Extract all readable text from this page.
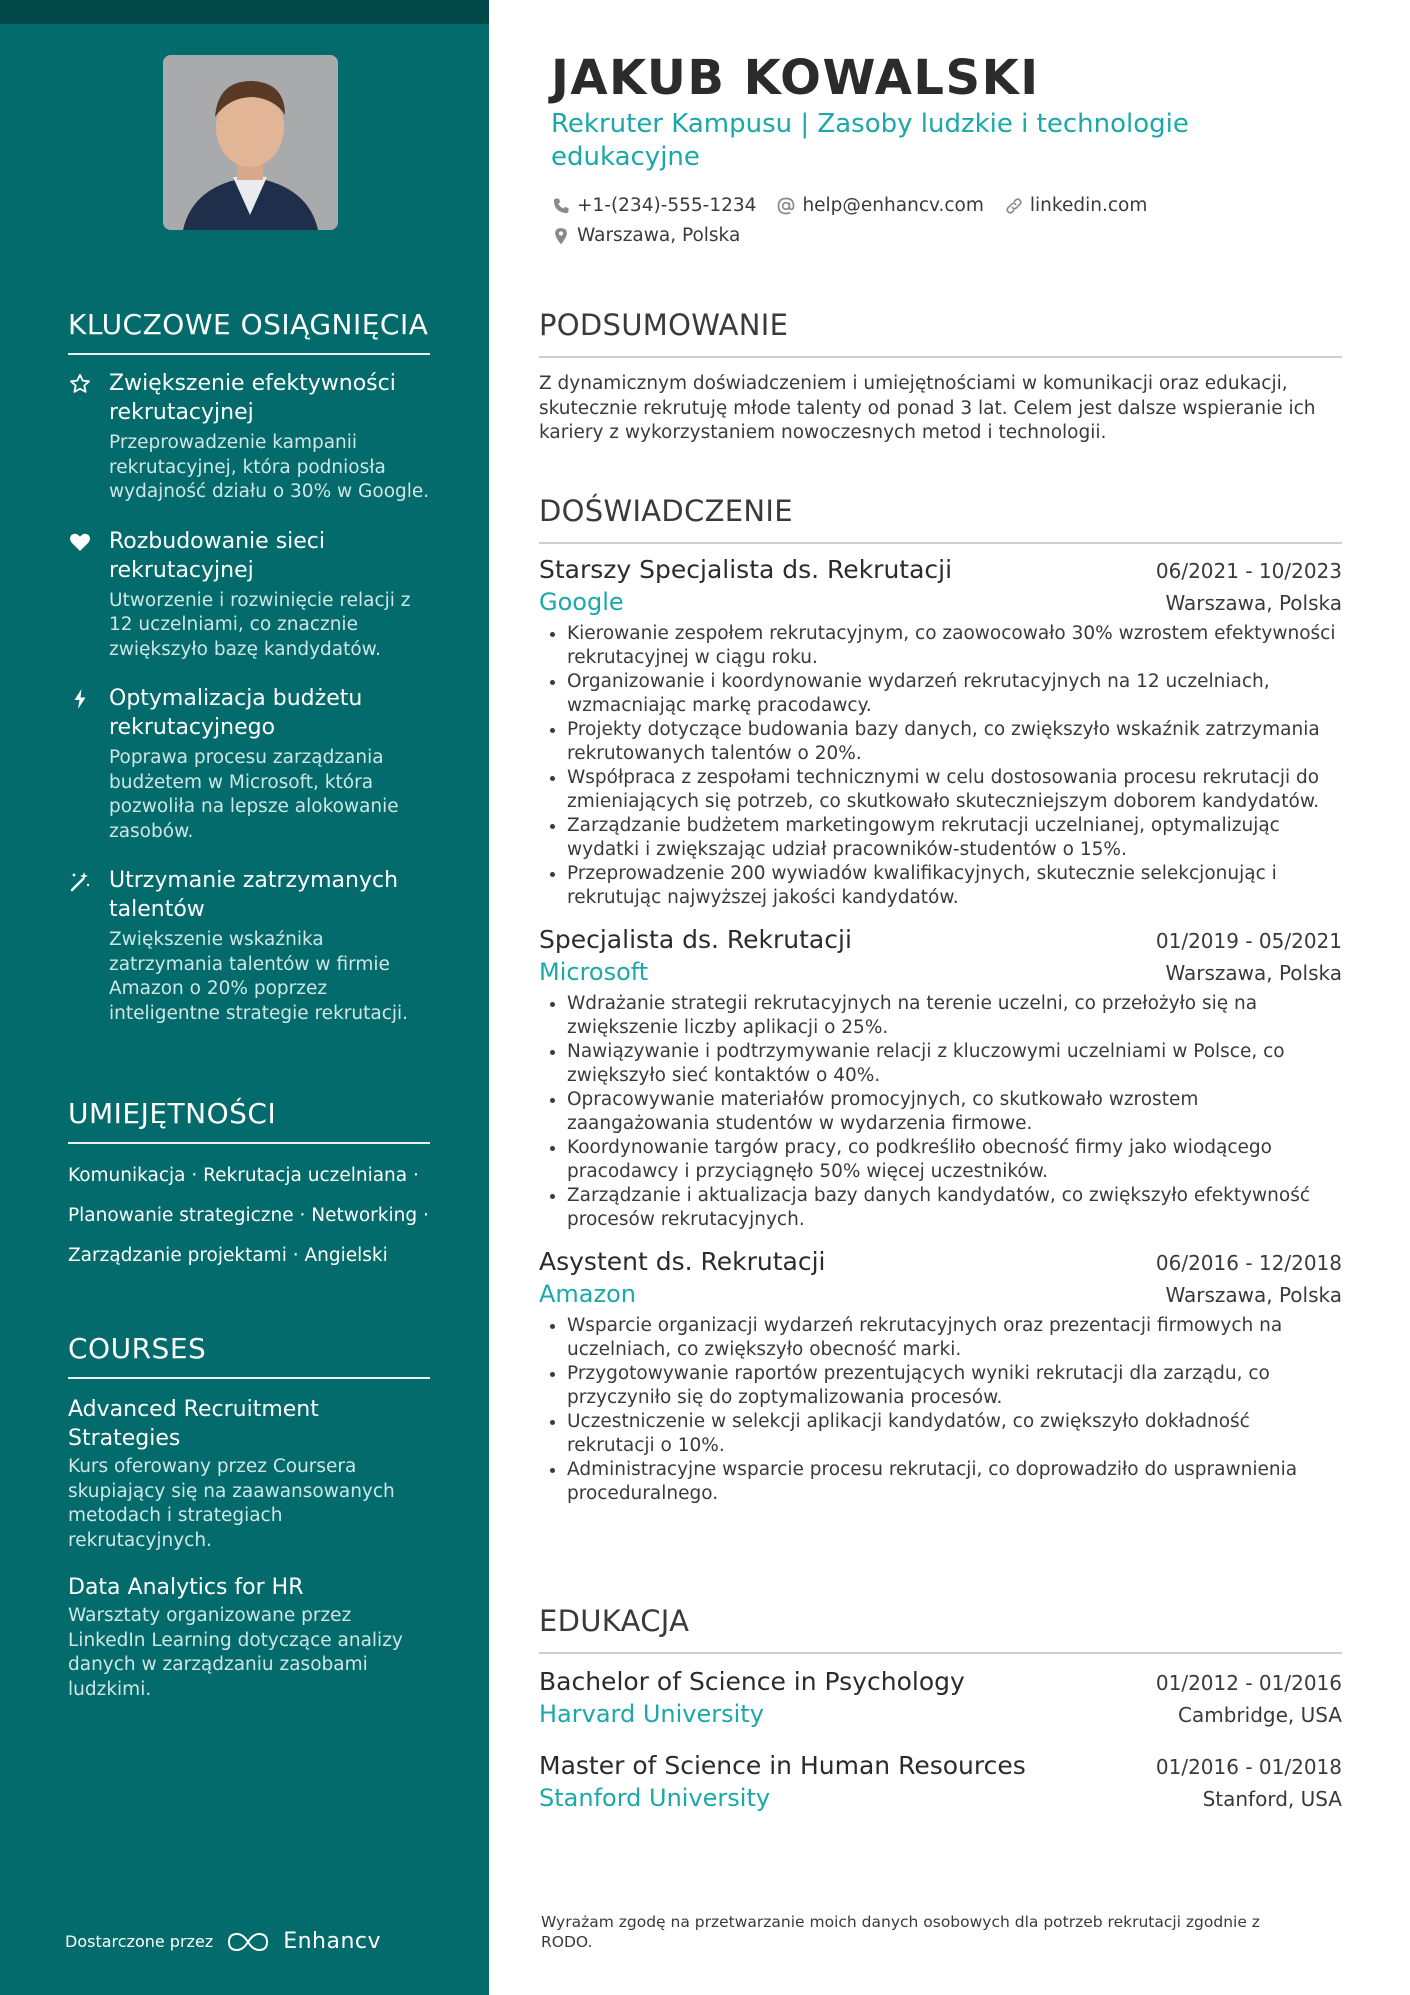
KLUCZOWE OSIĄGNIĘCIA
Zwiększenie efektywności rekrutacyjnej
Przeprowadzenie kampanii rekrutacyjnej, która podniosła wydajność działu o 30% w Google.
Rozbudowanie sieci rekrutacyjnej
Utworzenie i rozwinięcie relacji z 12 uczelniami, co znacznie zwiększyło bazę kandydatów.
Optymalizacja budżetu rekrutacyjnego
Poprawa procesu zarządzania budżetem w Microsoft, która pozwoliła na lepsze alokowanie zasobów.
Utrzymanie zatrzymanych talentów
Zwiększenie wskaźnika zatrzymania talentów w firmie Amazon o 20% poprzez inteligentne strategie rekrutacji.
UMIEJĘTNOŚCI
Komunikacja · Rekrutacja uczelniana ·
Planowanie strategiczne · Networking ·
Zarządzanie projektami · Angielski
COURSES
Advanced Recruitment Strategies
Kurs oferowany przez Coursera skupiający się na zaawansowanych metodach i strategiach rekrutacyjnych.
Data Analytics for HR
Warsztaty organizowane przez LinkedIn Learning dotyczące analizy danych w zarządzaniu zasobami ludzkimi.
Dostarczone przez	Enhancv
JAKUB KOWALSKI
Rekruter Kampusu | Zasoby ludzkie i technologie edukacyjne
+1-(234)-555-1234 help@enhancv.com linkedin.com
Warszawa, Polska
PODSUMOWANIE
Z dynamicznym doświadczeniem i umiejętnościami w komunikacji oraz edukacji, skutecznie rekrutuję młode talenty od ponad 3 lat. Celem jest dalsze wspieranie ich kariery z wykorzystaniem nowoczesnych metod i technologii.
DOŚWIADCZENIE
Starszy Specjalista ds. Rekrutacji	06/2021 - 10/2023
Google	Warszawa, Polska
• Kierowanie zespołem rekrutacyjnym, co zaowocowało 30% wzrostem efektywności rekrutacyjnej w ciągu roku.
• Organizowanie i koordynowanie wydarzeń rekrutacyjnych na 12 uczelniach, wzmacniając markę pracodawcy.
• Projekty dotyczące budowania bazy danych, co zwiększyło wskaźnik zatrzymania rekrutowanych talentów o 20%.
• Współpraca z zespołami technicznymi w celu dostosowania procesu rekrutacji do zmieniających się potrzeb, co skutkowało skuteczniejszym doborem kandydatów.
• Zarządzanie budżetem marketingowym rekrutacji uczelnianej, optymalizując wydatki i zwiększając udział pracowników-studentów o 15%.
• Przeprowadzenie 200 wywiadów kwalifikacyjnych, skutecznie selekcjonując i rekrutując najwyższej jakości kandydatów.
Specjalista ds. Rekrutacji	01/2019 - 05/2021
Microsoft	Warszawa, Polska
• Wdrażanie strategii rekrutacyjnych na terenie uczelni, co przełożyło się na zwiększenie liczby aplikacji o 25%.
• Nawiązywanie i podtrzymywanie relacji z kluczowymi uczelniami w Polsce, co zwiększyło sieć kontaktów o 40%.
• Opracowywanie materiałów promocyjnych, co skutkowało wzrostem zaangażowania studentów w wydarzenia firmowe.
• Koordynowanie targów pracy, co podkreśliło obecność firmy jako wiodącego pracodawcy i przyciągnęło 50% więcej uczestników.
• Zarządzanie i aktualizacja bazy danych kandydatów, co zwiększyło efektywność procesów rekrutacyjnych.
Asystent ds. Rekrutacji	06/2016 - 12/2018
Amazon	Warszawa, Polska
• Wsparcie organizacji wydarzeń rekrutacyjnych oraz prezentacji firmowych na uczelniach, co zwiększyło obecność marki.
• Przygotowywanie raportów prezentujących wyniki rekrutacji dla zarządu, co przyczyniło się do zoptymalizowania procesów.
• Uczestniczenie w selekcji aplikacji kandydatów, co zwiększyło dokładność rekrutacji o 10%.
• Administracyjne wsparcie procesu rekrutacji, co doprowadziło do usprawnienia proceduralnego.
EDUKACJA
Bachelor of Science in Psychology	01/2012 - 01/2016
Harvard University	Cambridge, USA
Master of Science in Human Resources	01/2016 - 01/2018
Stanford University	Stanford, USA
Wyrażam zgodę na przetwarzanie moich danych osobowych dla potrzeb rekrutacji zgodnie z RODO.
